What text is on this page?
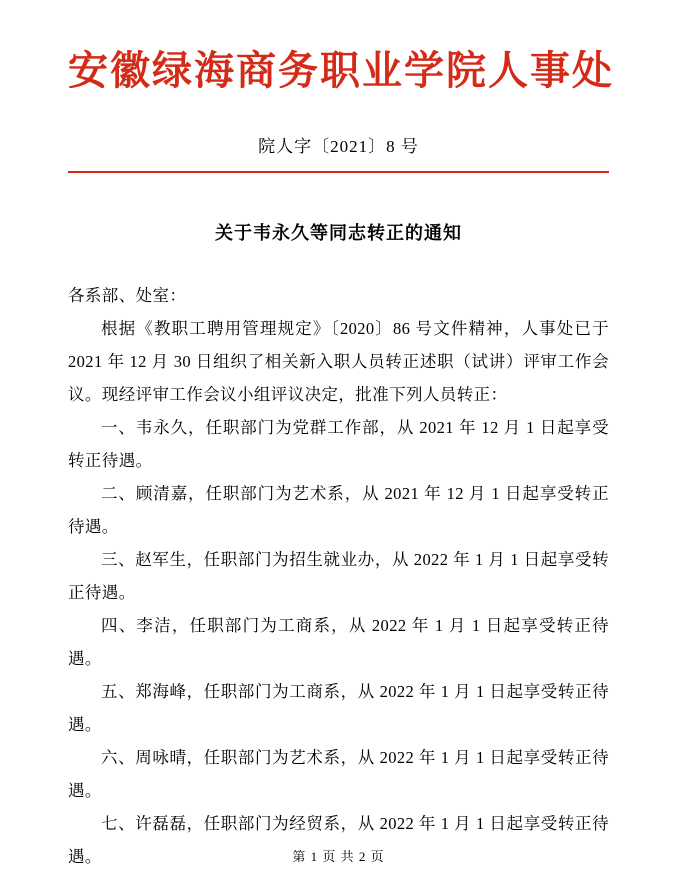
安徽绿海商务职业学院人事处
院人字〔2021〕8 号
关于韦永久等同志转正的通知

各系部、处室：

根据《教职工聘用管理规定》〔2020〕86 号文件精神，人事处已于 2021 年 12 月 30 日组织了相关新入职人员转正述职（试讲）评审工作会议。现经评审工作会议小组评议决定，批准下列人员转正：

一、韦永久，任职部门为党群工作部，从 2021 年 12 月 1 日起享受转正待遇。

二、顾清嘉，任职部门为艺术系，从 2021 年 12 月 1 日起享受转正待遇。

三、赵军生，任职部门为招生就业办，从 2022 年 1 月 1 日起享受转正待遇。

四、李洁，任职部门为工商系，从 2022 年 1 月 1 日起享受转正待遇。

五、郑海峰，任职部门为工商系，从 2022 年 1 月 1 日起享受转正待遇。

六、周咏晴，任职部门为艺术系，从 2022 年 1 月 1 日起享受转正待遇。

七、许磊磊，任职部门为经贸系，从 2022 年 1 月 1 日起享受转正待遇。	第 1 页 共 2 页
